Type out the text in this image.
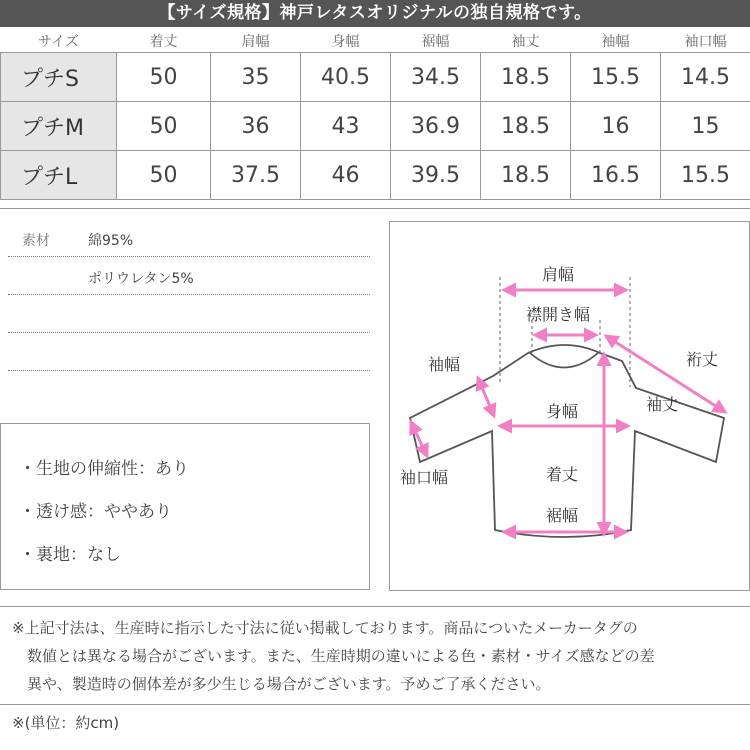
【サイズ規格】神戸レタスオリジナルの独自規格です。
サイズ	着丈	肩幅	身幅	裾幅	袖丈	袖幅	袖口幅
プチS	50	35	40.5	34.5	18.5	15.5	14.5
プチM	50	36	43	36.9	18.5	16	15
プチL	50	37.5	46	39.5	18.5	16.5	15.5
素材	綿95%
ポリウレタン5%
・生地の伸縮性：あり
・透け感：ややあり
・裏地：なし
肩幅
襟開き幅
袖幅	裄丈
袖丈
身幅
袖口幅	着丈
裾幅
※上記寸法は、生産時に指示した寸法に従い掲載しております。商品についたメーカータグの
　数値とは異なる場合がございます。また、生産時期の違いによる色・素材・サイズ感などの差
　異や、製造時の個体差が多少生じる場合がございます。予めご了承ください。
※(単位：約cm)
